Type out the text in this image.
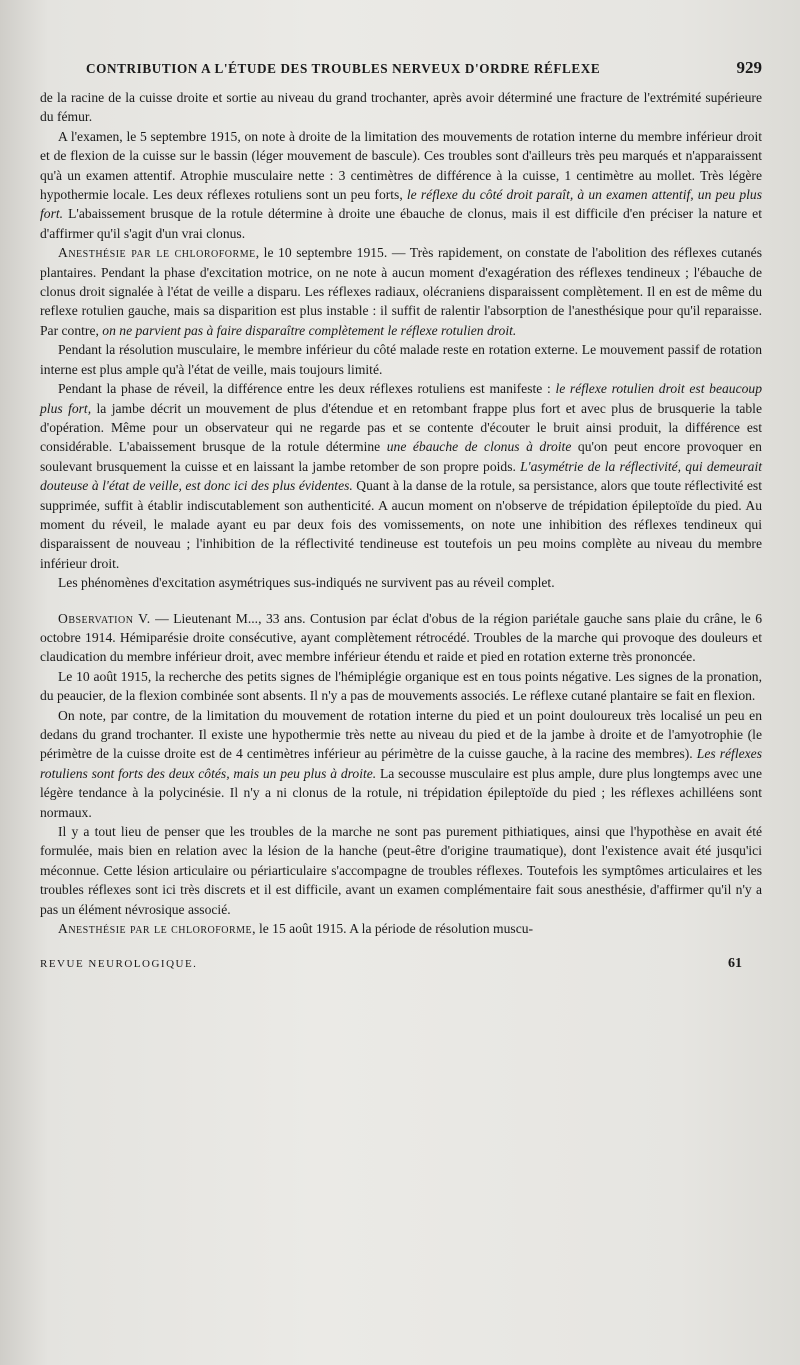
CONTRIBUTION A L'ÉTUDE DES TROUBLES NERVEUX D'ORDRE RÉFLEXE	929

de la racine de la cuisse droite et sortie au niveau du grand trochanter, après avoir déterminé une fracture de l'extrémité supérieure du fémur.

A l'examen, le 5 septembre 1915, on note à droite de la limitation des mouvements de rotation interne du membre inférieur droit et de flexion de la cuisse sur le bassin (léger mouvement de bascule). Ces troubles sont d'ailleurs très peu marqués et n'apparaissent qu'à un examen attentif. Atrophie musculaire nette : 3 centimètres de différence à la cuisse, 1 centimètre au mollet. Très légère hypothermie locale. Les deux réflexes rotuliens sont un peu forts, le réflexe du côté droit paraît, à un examen attentif, un peu plus fort. L'abaissement brusque de la rotule détermine à droite une ébauche de clonus, mais il est difficile d'en préciser la nature et d'affirmer qu'il s'agit d'un vrai clonus.

Anesthésie par le chloroforme, le 10 septembre 1915. — Très rapidement, on constate de l'abolition des réflexes cutanés plantaires. Pendant la phase d'excitation motrice, on ne note à aucun moment d'exagération des réflexes tendineux ; l'ébauche de clonus droit signalée à l'état de veille a disparu. Les réflexes radiaux, olécraniens disparaissent complètement. Il en est de même du reflexe rotulien gauche, mais sa disparition est plus instable : il suffit de ralentir l'absorption de l'anesthésique pour qu'il reparaisse. Par contre, on ne parvient pas à faire disparaître complètement le réflexe rotulien droit.

Pendant la résolution musculaire, le membre inférieur du côté malade reste en rotation externe. Le mouvement passif de rotation interne est plus ample qu'à l'état de veille, mais toujours limité.

Pendant la phase de réveil, la différence entre les deux réflexes rotuliens est manifeste : le réflexe rotulien droit est beaucoup plus fort, la jambe décrit un mouvement de plus d'étendue et en retombant frappe plus fort et avec plus de brusquerie la table d'opération. Même pour un observateur qui ne regarde pas et se contente d'écouter le bruit ainsi produit, la différence est considérable. L'abaissement brusque de la rotule détermine une ébauche de clonus à droite qu'on peut encore provoquer en soulevant brusquement la cuisse et en laissant la jambe retomber de son propre poids. L'asymétrie de la réflectivité, qui demeurait douteuse à l'état de veille, est donc ici des plus évidentes. Quant à la danse de la rotule, sa persistance, alors que toute réflectivité est supprimée, suffit à établir indiscutablement son authenticité. A aucun moment on n'observe de trépidation épileptoïde du pied. Au moment du réveil, le malade ayant eu par deux fois des vomissements, on note une inhibition des réflexes tendineux qui disparaissent de nouveau ; l'inhibition de la réflectivité tendineuse est toutefois un peu moins complète au niveau du membre inférieur droit.

Les phénomènes d'excitation asymétriques sus-indiqués ne survivent pas au réveil complet.

Observation V. — Lieutenant M..., 33 ans. Contusion par éclat d'obus de la région pariétale gauche sans plaie du crâne, le 6 octobre 1914. Hémiparésie droite consécutive, ayant complètement rétrocédé. Troubles de la marche qui provoque des douleurs et claudication du membre inférieur droit, avec membre inférieur étendu et raide et pied en rotation externe très prononcée.

Le 10 août 1915, la recherche des petits signes de l'hémiplégie organique est en tous points négative. Les signes de la pronation, du peaucier, de la flexion combinée sont absents. Il n'y a pas de mouvements associés. Le réflexe cutané plantaire se fait en flexion.

On note, par contre, de la limitation du mouvement de rotation interne du pied et un point douloureux très localisé un peu en dedans du grand trochanter. Il existe une hypothermie très nette au niveau du pied et de la jambe à droite et de l'amyotrophie (le périmètre de la cuisse droite est de 4 centimètres inférieur au périmètre de la cuisse gauche, à la racine des membres). Les réflexes rotuliens sont forts des deux côtés, mais un peu plus à droite. La secousse musculaire est plus ample, dure plus longtemps avec une légère tendance à la polycinésie. Il n'y a ni clonus de la rotule, ni trépidation épileptoïde du pied ; les réflexes achilléens sont normaux.

Il y a tout lieu de penser que les troubles de la marche ne sont pas purement pithiatiques, ainsi que l'hypothèse en avait été formulée, mais bien en relation avec la lésion de la hanche (peut-être d'origine traumatique), dont l'existence avait été jusqu'ici méconnue. Cette lésion articulaire ou périarticulaire s'accompagne de troubles réflexes. Toutefois les symptômes articulaires et les troubles réflexes sont ici très discrets et il est difficile, avant un examen complémentaire fait sous anesthésie, d'affirmer qu'il n'y a pas un élément névrosique associé.

Anesthésie par le chloroforme, le 15 août 1915. A la période de résolution muscu-

REVUE NEUROLOGIQUE.	61
